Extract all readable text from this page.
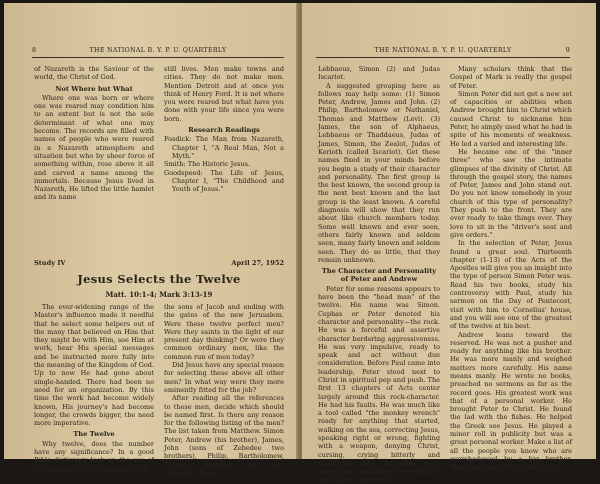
8	THE NATIONAL B. Y. P. U. QUARTERLY

of Nazareth is the Saviour of the world, the Christ of God.

Not Where but What

Where one was born or where one was reared may condition him to an extent but is not the sole determinant of what one may become. The records are filled with names of people who were reared in a Nazareth atmosphere and situation but who by sheer force of something within, rose above it all and carved a name among the immortals. Because Jesus lived in Nazareth, He lifted the little hamlet and its name

still lives. Men make towns and cities. They do not make men. Mention Detroit and at once you think of Henry Ford. It is not where you were reared but what have you done with your life since you were born.

Research Readings

Fosdick: The Man from Nazareth, Chapter I, "A Real Man, Not a Myth."

Smith: The Historic Jesus.

Goodspeed: The Life of Jesus, Chapter I, "The Childhood and Youth of Jesus."

Study IV	April 27, 1952
Jesus Selects the Twelve
Matt. 10:1-4; Mark 3:13-19

The ever-widening range of the Master's influence made it needful that he select some helpers out of the many that believed on Him that they might be with Him, see Him at work, hear His special messages and be instructed more fully into the meaning of the Kingdom of God. Up to now He had gone about single-handed. There had been no need for an organization. By this time the work had become widely known, His journey's had become longer, the crowds bigger, the need more imperative.

The Twelve

Why twelve, does the number have any significance? In a good Bible dictionary look up the use of the number twelve beginning with

the sons of Jacob and ending with the gates of the new Jerusalem. Were these twelve perfect men? Were they saints in the light of our present day thinking? Or were they common ordinary men, like the common run of men today?

Did Jesus have any special reason for selecting these above all other men? In what way were they more eminently fitted for the job?

After reading all the references to these men, decide which should be named first. Is there any reason for the following listing of the men? The list taken from Matthew. Simon Peter, Andrew (his brother), James, John (sons of Zebedee two brothers), Philip, Bartholomew, Thomas, Matthew (the tax collector), James,

THE NATIONAL B. Y. P. U. QUARTERLY	9

Lebbaeus, Simon (2) and Judas Iscariot.

A suggested grouping here as follows may help some: (1) Simon Peter, Andrew, James and John. (2) Philip, Bartholomew or Nathaniel, Thomas and Matthew (Levi). (3) James, the son of Alphaeus, Lebbaeus or Thaddaeus, Judas of James, Simon, the Zealot, Judas of Kerioth (called Iscariot). Get these names fixed in your minds before you begin a study of their character and personality. The first group is the best known, the second group is the next best known and the last group is the least known. A careful diagnosis will show that they run about like church members today. Some well known and ever seen, others fairly known and seldom seen, many fairly known and seldom seen. They do so little, that they remain unknown.

The Character and Personality of Peter and Andrew

Peter for some reasons appears to have been the "head man" of the twelve. His name was Simon. Cephas or Peter denoted his character and personality—the rock. He was a forceful and assertive character bordering aggressiveness. He was very impulsive, ready to speak and act without due consideration. Before Paul came into leadership, Peter stood next to Christ in spiritual pep and push. The first 13 chapters of Acts center largely around this rock-character. He had his faults. He was much like a tool called "the monkey wrench" ready for anything that started, walking on the sea, correcting Jesus, speaking right or wrong, fighting with a weapon, denying Christ, cursing, crying bitterly and preaching until thousands were saved. Once he believed anything, it was hard to move him.

Many scholars think that the Gospel of Mark is really the gospel of Peter.

Simon Peter did not get a new set of capacities or abilities when Andrew brought him to Christ which caused Christ to nickname him Peter, he simply used what he had in spite of his moments of weakness. He led a varied and interesting life.

He became one of the "inner three" who saw the intimate glimpses of the divinity of Christ. All through the gospel story, the names of Peter, James and John stand out. Do you not know somebody in your church of this type of personality? They push to the front. They are ever ready to take things over. They love to sit in the "driver's seat and give orders."

In the selection of Peter, Jesus found a great soul. Thirteenth chapter (1-13) of the Acts of the Apostles will give you an insight into the type of person Simon Peter was. Read his two books, study his controversy with Paul, study his sermon on the Day of Pentecost, visit with him to Cornelius' house, and you will see one of the greatest of the twelve at his best.

Andrew leans toward the reserved. He was not a pusher and ready for anything like his brother. He was more manly and weighed matters more carefully. His name means manly. He wrote no books, preached no sermons as far as the record goes. His greatest work was that of a personal worker. He brought Peter to Christ. He found the lad with the fishes. He helped the Greek see Jesus. He played a minor roll in publicity but was a great personal worker. Make a list of all the people you know who are overshadowed by a big brother. There are many little Andrews in
